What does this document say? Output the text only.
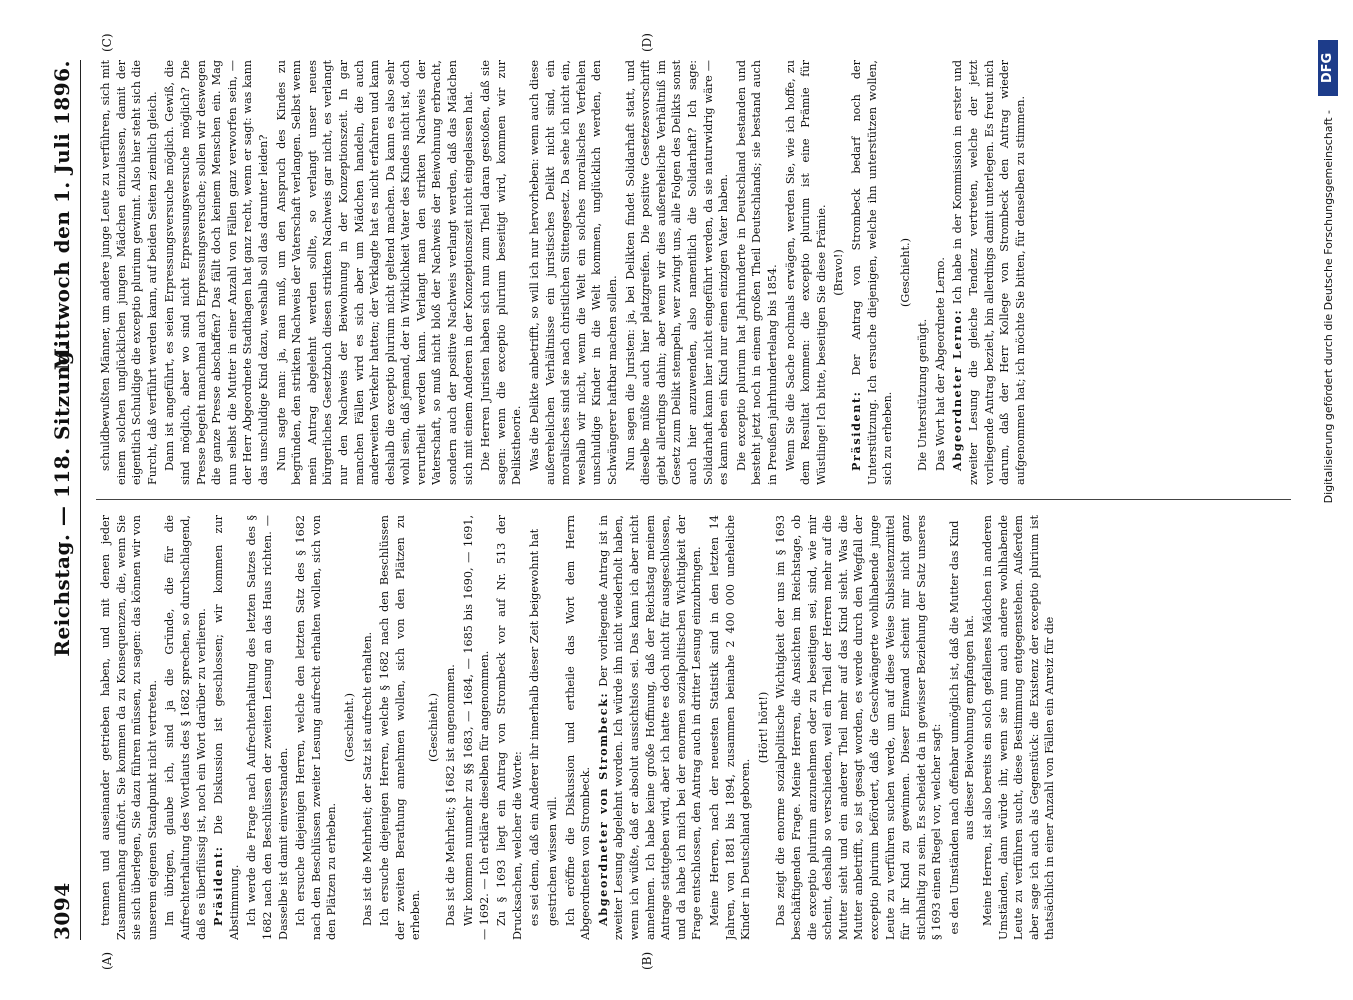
3094
Reichstag. — 118. Sitzung.
Mittwoch den 1. Juli 1896.
(A)	(B)
(C)	(D)

trennen und auseinander getrieben haben, und mit denen jeder Zusammenhang aufhört. Sie kommen da zu Konsequenzen, die, wenn Sie sie sich überlegen, Sie dazu führen müssen, zu sagen: das können wir von unserem eigenen Standpunkt nicht vertreten. Im übrigen, glaube ich, sind ja die Gründe, die für die Aufrechterhaltung des Wortlauts des § 1682 sprechen, so durchschlagend, daß es überflüssig ist, noch ein Wort darüber zu verlieren. Präsident: Die Diskussion ist geschlossen; wir kommen zur Abstimmung. Ich werde die Frage nach Aufrechterhaltung des letzten Satzes des § 1682 nach den Beschlüssen der zweiten Lesung an das Haus richten. — Dasselbe ist damit einverstanden. Ich ersuche diejenigen Herren, welche den letzten Satz des § 1682 nach den Beschlüssen zweiter Lesung aufrecht erhalten wollen, sich von den Plätzen zu erheben.

(Geschieht.) Das ist die Mehrheit; der Satz ist aufrecht erhalten. Ich ersuche diejenigen Herren, welche § 1682 nach den Beschlüssen der zweiten Berathung annehmen wollen, sich von den Plätzen zu erheben.

(Geschieht.) Das ist die Mehrheit; § 1682 ist angenommen. Wir kommen nunmehr zu §§ 1683, — 1684, — 1685 bis 1690, — 1691, — 1692. — Ich erkläre dieselben für angenommen. Zu § 1693 liegt ein Antrag von Strombeck vor auf Nr. 513 der Drucksachen, welcher die Worte: es sei denn, daß ein Anderer ihr innerhalb dieser Zeit beigewohnt hat gestrichen wissen will. Ich eröffne die Diskussion und ertheile das Wort dem Herrn Abgeordneten von Strombeck. Abgeordneter von Strombeck: Der vorliegende Antrag ist in zweiter Lesung abgelehnt worden. Ich würde ihn nicht wiederholt haben, wenn ich wüßte, daß er absolut aussichtslos sei. Das kann ich aber nicht annehmen. Ich habe keine große Hoffnung, daß der Reichstag meinem Antrage stattgeben wird, aber ich hatte es doch nicht für ausgeschlossen, und da habe ich mich bei der enormen sozialpolitischen Wichtigkeit der Frage entschlossen, den Antrag auch in dritter Lesung einzubringen. Meine Herren, nach der neuesten Statistik sind in den letzten 14 Jahren, von 1881 bis 1894, zusammen beinahe 2 400 000 uneheliche Kinder in Deutschland geboren.

(Hört! hört!) Das zeigt die enorme sozialpolitische Wichtigkeit der uns im § 1693 beschäftigenden Frage. Meine Herren, die Ansichten im Reichstage, ob die exceptio plurium anzunehmen oder zu beseitigen sei, sind, wie mir scheint, deshalb so verschieden, weil ein Theil der Herren mehr auf die Mutter sieht und ein anderer Theil mehr auf das Kind sieht. Was die Mutter anbetrifft, so ist gesagt worden, es werde durch den Wegfall der exceptio plurium befördert, daß die Geschwängerte wohlhabende junge Leute zu verführen suchen werde, um auf diese Weise Subsistenzmittel für ihr Kind zu gewinnen. Dieser Einwand scheint mir nicht ganz stichhaltig zu sein. Es scheidet da in gewisser Beziehung der Satz unseres § 1693 einen Riegel vor, welcher sagt: es den Umständen nach offenbar unmöglich ist, daß die Mutter das Kind aus dieser Beiwohnung empfangen hat. Meine Herren, ist also bereits ein solch gefallenes Mädchen in anderen Umständen, dann würde ihr, wenn sie nun auch andere wohlhabende Leute zu verführen sucht, diese Bestimmung entgegenstehen. Außerdem aber sage ich auch als Gegenstück: die Existenz der exceptio plurium ist thatsächlich in einer Anzahl von Fällen ein Anreiz für die

schuldbewußten Männer, um andere junge Leute zu verführen, sich mit einem solchen unglücklichen jungen Mädchen einzulassen, damit der eigentlich Schuldige die exceptio plurium gewinnt. Also hier steht sich die Furcht, daß verführt werden kann, auf beiden Seiten ziemlich gleich. Dann ist angeführt, es seien Erpressungsversuche möglich. Gewiß, die sind möglich, aber wo sind nicht Erpressungsversuche möglich? Die Presse begeht manchmal auch Erpressungsversuche; sollen wir deswegen die ganze Presse abschaffen? Das fällt doch keinem Menschen ein. Mag nun selbst die Mutter in einer Anzahl von Fällen ganz verworfen sein, — der Herr Abgeordnete Stadthagen hat ganz recht, wenn er sagt: was kann das unschuldige Kind dazu, weshalb soll das darunter leiden? Nun sagte man: ja, man muß, um den Anspruch des Kindes zu begründen, den strikten Nachweis der Vaterschaft verlangen. Selbst wenn mein Antrag abgelehnt werden sollte, so verlangt unser neues bürgerliches Gesetzbuch diesen strikten Nachweis gar nicht, es verlangt nur den Nachweis der Beiwohnung in der Konzeptionszeit. In gar manchen Fällen wird es sich aber um Mädchen handeln, die auch anderweiten Verkehr hatten; der Verklagte hat es nicht erfahren und kann deshalb die exceptio plurium nicht geltend machen. Da kann es also sehr wohl sein, daß jemand, der in Wirklichkeit Vater des Kindes nicht ist, doch verurtheilt werden kann. Verlangt man den strikten Nachweis der Vaterschaft, so muß nicht bloß der Nachweis der Beiwohnung erbracht, sondern auch der positive Nachweis verlangt werden, daß das Mädchen sich mit einem Anderen in der Konzeptionszeit nicht eingelassen hat. Die Herren Juristen haben sich nun zum Theil daran gestoßen, daß sie sagen: wenn die exceptio plurium beseitigt wird, kommen wir zur Delikstheorie. Was die Delikte anbetrifft, so will ich nur hervorheben: wenn auch diese außerehelichen Verhältnisse ein juristisches Delikt nicht sind, ein moralisches sind sie nach christlichen Sittengesetz. Da sehe ich nicht ein, weshalb wir nicht, wenn die Welt ein solches moralisches Verfehlen unschuldige Kinder in die Welt kommen, unglücklich werden, den Schwängerer haftbar machen sollen. Nun sagen die Juristen: ja, bei Delikten findet Solidarhaft statt, und dieselbe müßte auch hier platzgreifen. Die positive Gesetzesvorschrift giebt allerdings dahin; aber wenn wir dies außereheliche Verhältniß im Gesetz zum Delikt stempeln, wer zwingt uns, alle Folgen des Delikts sonst auch hier anzuwenden, also namentlich die Solidarhaft? Ich sage: Solidarhaft kann hier nicht eingeführt werden, da sie naturwidrig wäre — es kann eben ein Kind nur einen einzigen Vater haben. Die exceptio plurium hat Jahrhunderte in Deutschland bestanden und besteht jetzt noch in einem großen Theil Deutschlands; sie bestand auch in Preußen jahrhundertelang bis 1854. Wenn Sie die Sache nochmals erwägen, werden Sie, wie ich hoffe, zu dem Resultat kommen: die exceptio plurium ist eine Prämie für Wüstlinge! Ich bitte, beseitigen Sie diese Prämie. (Bravo!)

Präsident: Der Antrag von Strombeck bedarf noch der Unterstützung. Ich ersuche diejenigen, welche ihn unterstützen wollen, sich zu erheben.

(Geschieht.)

Die Unterstützung genügt. Das Wort hat der Abgeordnete Lerno. Abgeordneter Lerno: Ich habe in der Kommission in erster und zweiter Lesung die gleiche Tendenz vertreten, welche der jetzt vorliegende Antrag bezielt, bin allerdings damit unterlegen. Es freut mich darum, daß der Herr Kollege von Strombeck den Antrag wieder aufgenommen hat; ich möchte Sie bitten, für denselben zu stimmen.	Digitalisierung gefördert durch die Deutsche Forschungsgemeinschaft -
DFG
